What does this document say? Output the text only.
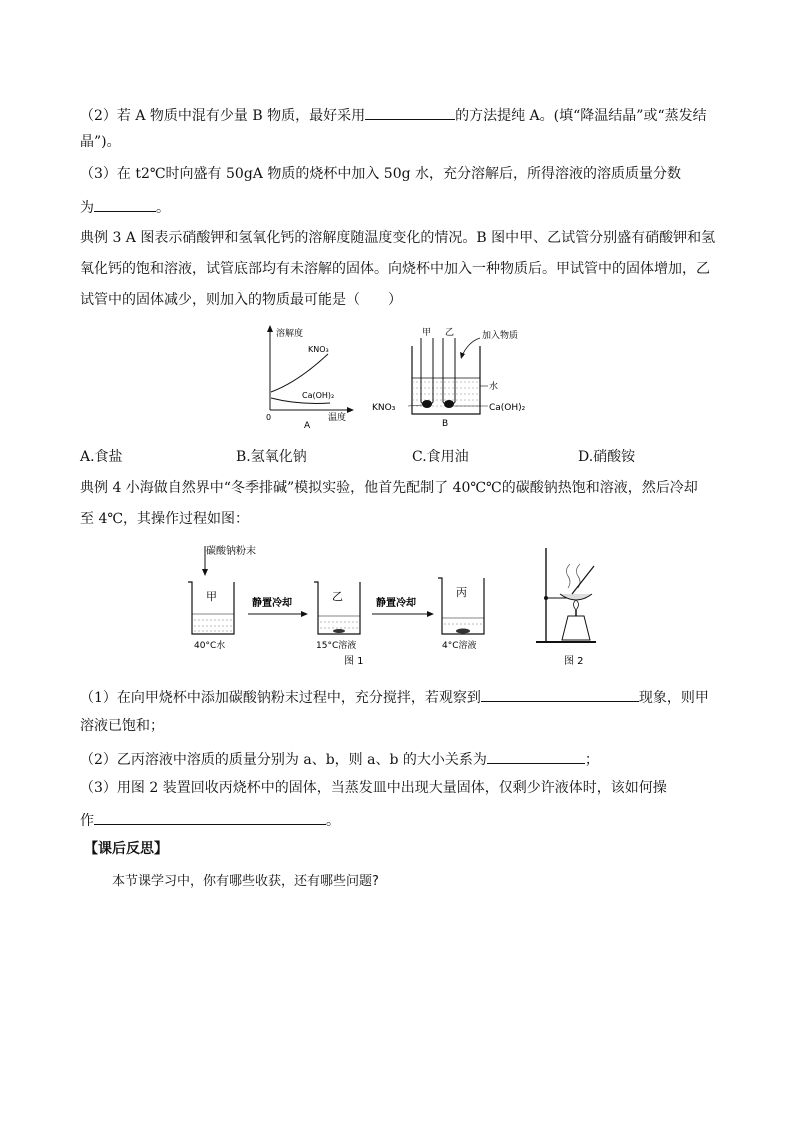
（2）若 A 物质中混有少量 B 物质，最好采用	的方法提纯 A。(填“降温结晶”或“蒸发结
晶”)。
（3）在 t2℃时向盛有 50gA 物质的烧杯中加入 50g 水，充分溶解后，所得溶液的溶质质量分数
为	。
典例 3 A 图表示硝酸钾和氢氧化钙的溶解度随温度变化的情况。B 图中甲、乙试管分别盛有硝酸钾和氢
氧化钙的饱和溶液，试管底部均有未溶解的固体。向烧杯中加入一种物质后。甲试管中的固体增加，乙
试管中的固体减少，则加入的物质最可能是（　　）
溶解度
KNO₃
Ca(OH)₂
0	温度
A
甲 乙	加入物质
水
KNO₃	Ca(OH)₂
B
A.食盐	B.氢氧化钠	C.食用油	D.硝酸铵
典例 4 小海做自然界中“冬季排碱”模拟实验，他首先配制了 40℃℃的碳酸钠热饱和溶液，然后冷却
至 4℃，其操作过程如图：
碳酸钠粉末
甲
40°C水
静置冷却
乙
15°C溶液
静置冷却
丙
4°C溶液
图 1	图 2
（1）在向甲烧杯中添加碳酸钠粉末过程中，充分搅拌，若观察到	现象，则甲
溶液已饱和；
（2）乙丙溶液中溶质的质量分别为 a、b，则 a、b 的大小关系为	；
（3）用图 2 装置回收丙烧杯中的固体，当蒸发皿中出现大量固体，仅剩少许液体时，该如何操
作	。
【课后反思】
本节课学习中，你有哪些收获，还有哪些问题?
